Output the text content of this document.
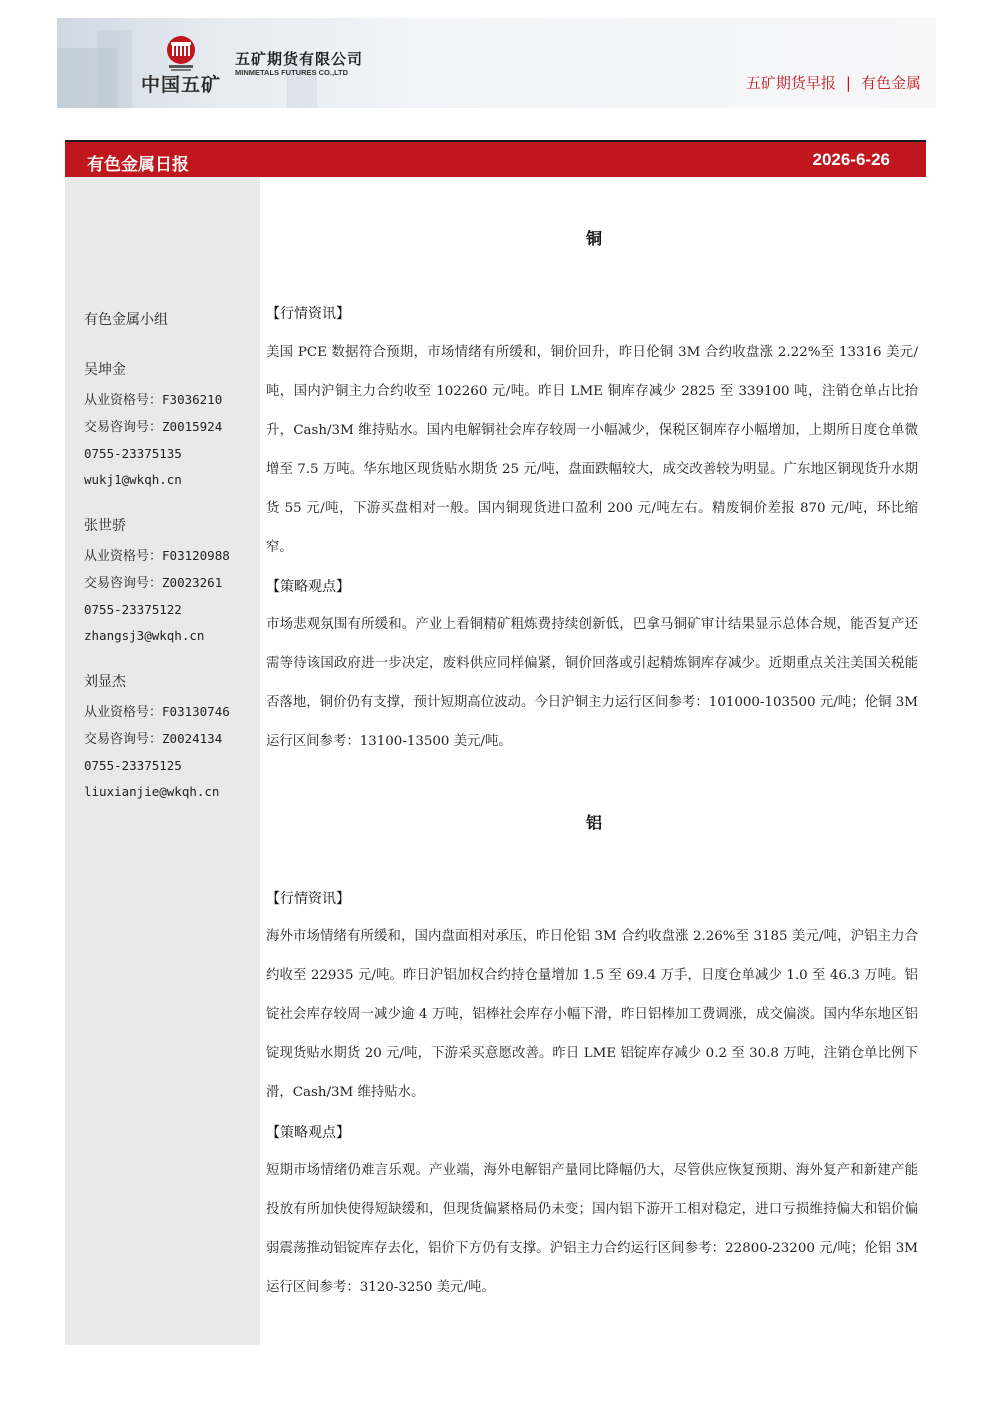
中国五矿
五矿期货有限公司
MINMETALS FUTURES CO.,LTD
五矿期货早报 | 有色金属
有色金属日报	2026-6-26
有色金属小组
吴坤金
从业资格号：F3036210
交易咨询号：Z0015924
0755-23375135
wukj1@wkqh.cn
张世骄
从业资格号：F03120988
交易咨询号：Z0023261
0755-23375122
zhangsj3@wkqh.cn
刘显杰
从业资格号：F03130746
交易咨询号：Z0024134
0755-23375125
liuxianjie@wkqh.cn
铜
【行情资讯】
美国 PCE 数据符合预期，市场情绪有所缓和，铜价回升，昨日伦铜 3M 合约收盘涨 2.22%至 13316 美元/吨，国内沪铜主力合约收至 102260 元/吨。昨日 LME 铜库存减少 2825 至 339100 吨，注销仓单占比抬升，Cash/3M 维持贴水。国内电解铜社会库存较周一小幅减少，保税区铜库存小幅增加，上期所日度仓单微增至 7.5 万吨。华东地区现货贴水期货 25 元/吨，盘面跌幅较大，成交改善较为明显。广东地区铜现货升水期货 55 元/吨，下游买盘相对一般。国内铜现货进口盈利 200 元/吨左右。精废铜价差报 870 元/吨，环比缩窄。
【策略观点】
市场悲观氛围有所缓和。产业上看铜精矿粗炼费持续创新低，巴拿马铜矿审计结果显示总体合规，能否复产还需等待该国政府进一步决定，废料供应同样偏紧，铜价回落或引起精炼铜库存减少。近期重点关注美国关税能否落地，铜价仍有支撑，预计短期高位波动。今日沪铜主力运行区间参考：101000-103500 元/吨；伦铜 3M 运行区间参考：13100-13500 美元/吨。
铝
【行情资讯】
海外市场情绪有所缓和，国内盘面相对承压，昨日伦铝 3M 合约收盘涨 2.26%至 3185 美元/吨，沪铝主力合约收至 22935 元/吨。昨日沪铝加权合约持仓量增加 1.5 至 69.4 万手，日度仓单减少 1.0 至 46.3 万吨。铝锭社会库存较周一减少逾 4 万吨，铝棒社会库存小幅下滑，昨日铝棒加工费调涨，成交偏淡。国内华东地区铝锭现货贴水期货 20 元/吨，下游采买意愿改善。昨日 LME 铝锭库存减少 0.2 至 30.8 万吨，注销仓单比例下滑，Cash/3M 维持贴水。
【策略观点】
短期市场情绪仍难言乐观。产业端，海外电解铝产量同比降幅仍大，尽管供应恢复预期、海外复产和新建产能投放有所加快使得短缺缓和，但现货偏紧格局仍未变；国内铝下游开工相对稳定，进口亏损维持偏大和铝价偏弱震荡推动铝锭库存去化，铝价下方仍有支撑。沪铝主力合约运行区间参考：22800-23200 元/吨；伦铝 3M 运行区间参考：3120-3250 美元/吨。
